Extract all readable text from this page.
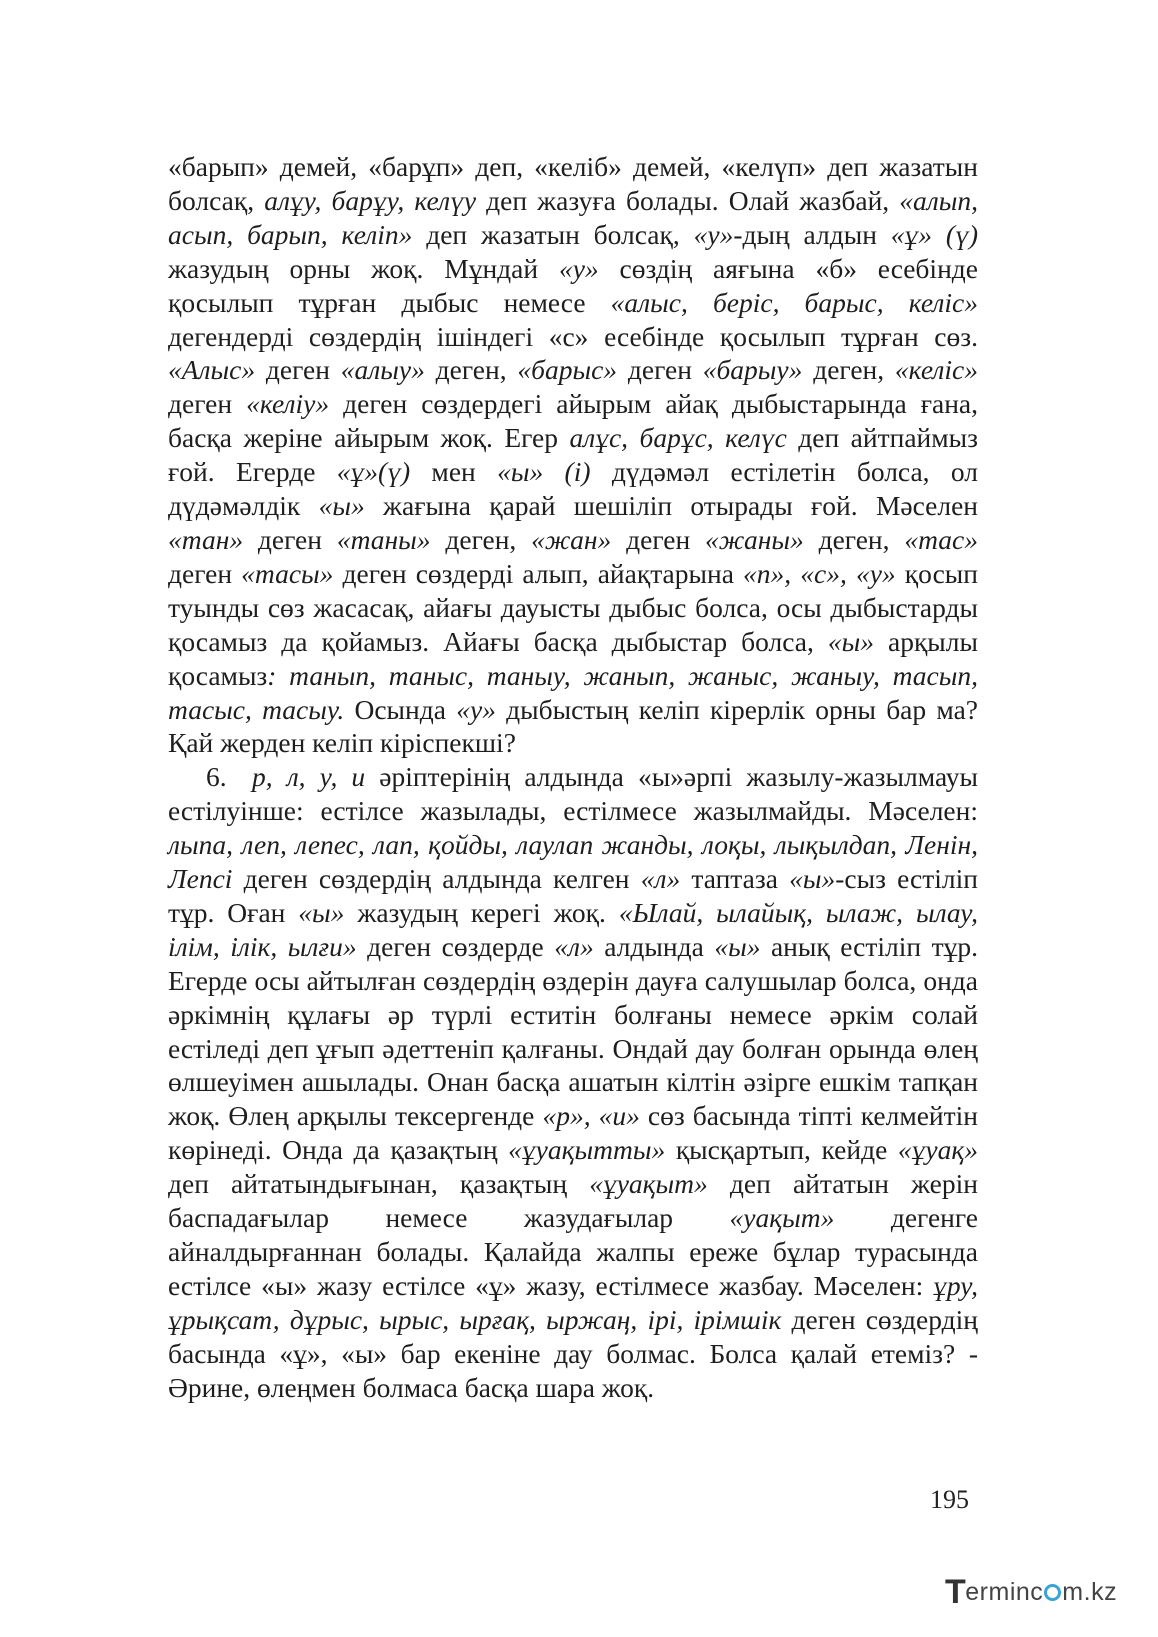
«барып» демей, «барұп» деп, «келіб» демей, «келүп» деп жазатын болсақ, алұу, барұу, келүу деп жазуға болады. Олай жазбай, «алып, асып, барып, келіп» деп жазатын болсақ, «у»-дың алдын «ұ» (ү) жазудың орны жоқ. Мұндай «у» сөздің аяғына «б» есебінде қосылып тұрған дыбыс немесе «алыс, беріс, барыс, келіс» дегендерді сөздердің ішіндегі «с» есебінде қосылып тұрған сөз. «Алыс» деген «алыу» деген, «барыс» деген «барыу» деген, «келіс» деген «келіу» деген сөздердегі айырым айақ дыбыстарында ғана, басқа жеріне айырым жоқ. Егер алұс, барұс, келүс деп айтпаймыз ғой. Егерде «ұ»(ү) мен «ы» (і) дүдәмәл естілетін болса, ол дүдәмәлдік «ы» жағына қарай шешіліп отырады ғой. Мәселен «тан» деген «таны» деген, «жан» деген «жаны» деген, «тас» деген «тасы» деген сөздерді алып, айақтарына «п», «с», «у» қосып туынды сөз жасасақ, айағы дауысты дыбыс болса, осы дыбыстарды қосамыз да қойамыз. Айағы басқа дыбыстар болса, «ы» арқылы қосамыз: таныn, таныс, таныу, жаныn, жаныс, жаныу, тасыn, тасыс, тасыу. Осында «у» дыбыстың келіп кірерлік орны бар ма? Қай жерден келіп кіріспекші?

6. р, л, у, и әріптерінің алдында «ы»әрпі жазылу-жазылмауы естілуінше: естілсе жазылады, естілмесе жазылмайды. Мәселен: лыпа, леп, лепес, лап, қойды, лаулап жанды, лоқы, лықылдап, Ленін, Лепсі деген сөздердің алдында келген «л» таптаза «ы»-сыз естіліп тұр. Оған «ы» жазудың керегі жоқ. «Ылай, ылайық, ылаж, ылау, ілім, ілік, ылғи» деген сөздерде «л» алдында «ы» анық естіліп тұр. Егерде осы айтылған сөздердің өздерін дауға салушылар болса, онда әркімнің құлағы әр түрлі еститін болғаны немесе әркім солай естіледі деп ұғып әдеттеніп қалғаны. Ондай дау болған орында өлең өлшеуімен ашылады. Онан басқа ашатын кілтін әзірге ешкім тапқан жоқ. Өлең арқылы тексергенде «р», «и» сөз басында тіпті келмейтін көрінеді. Онда да қазақтың «ұуақытты» қысқартып, кейде «ұуақ» деп айтатындығынан, қазақтың «ұуақыт» деп айтатын жерін баспадағылар немесе жазудағылар «уақыт» дегенге айналдырғаннан болады. Қалайда жалпы ереже бұлар турасында естілсе «ы» жазу естілсе «ұ» жазу, естілмесе жазбау. Мәселен: ұру, ұрықсат, дұрыс, ырыс, ырғақ, ыржаң, ірі, ірімшік деген сөздердің басында «ұ», «ы» бар екеніне дау болмас. Болса қалай етеміз? - Әрине, өлеңмен болмаса басқа шара жоқ.

195
T erminc m.kz
